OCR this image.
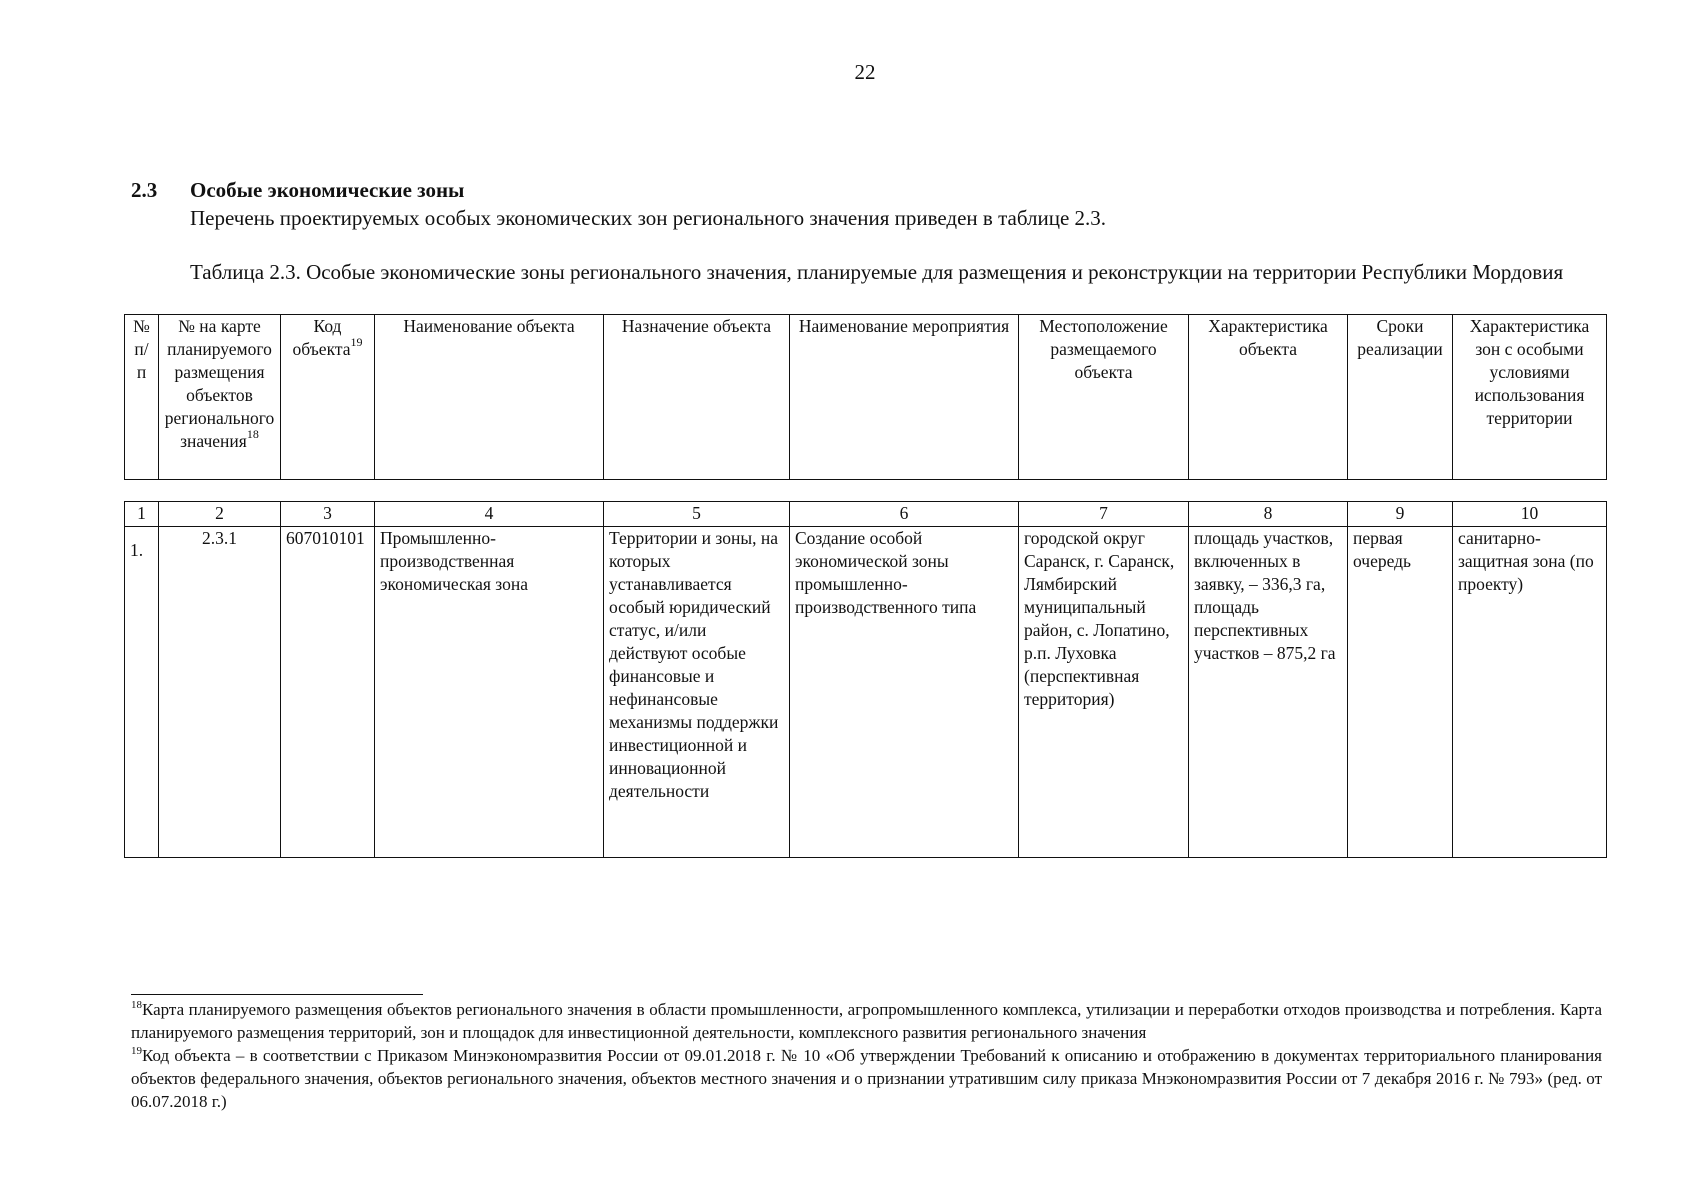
22
2.3 Особые экономические зоны
Перечень проектируемых особых экономических зон регионального значения приведен в таблице 2.3.
Таблица 2.3. Особые экономические зоны регионального значения, планируемые для размещения и реконструкции на территории Республики Мордовия
№ п/п	№ на карте планируемого размещения объектов регионального значения$^{18}$	Код объекта$^{19}$	Наименование объекта	Назначение объекта	Наименование мероприятия	Местоположение размещаемого объекта	Характеристика объекта	Сроки реализации	Характеристика зон с особыми условиями использования территории
1	2	3	4	5	6	7	8	9	10
1.	2.3.1	607010101	Промышленно-производственная экономическая зона	Территории и зоны, на которых устанавливается особый юридический статус, и/или действуют особые финансовые и нефинансовые механизмы поддержки инвестиционной и инновационной деятельности	Создание особой экономической зоны промышленно-производственного типа	городской округ Саранск, г. Саранск, Лямбирский муниципальный район, с. Лопатино, р.п. Луховка (перспективная территория)	площадь участков, включенных в заявку, – 336,3 га, площадь перспективных участков – 875,2 га	первая очередь	санитарно-защитная зона (по проекту)

$^{18}$Карта планируемого размещения объектов регионального значения в области промышленности, агропромышленного комплекса, утилизации и переработки отходов производства и потребления. Карта планируемого размещения территорий, зон и площадок для инвестиционной деятельности, комплексного развития регионального значения

$^{19}$Код объекта – в соответствии с Приказом Минэкономразвития России от 09.01.2018 г. № 10 «Об утверждении Требований к описанию и отображению в документах территориального планирования объектов федерального значения, объектов регионального значения, объектов местного значения и о признании утратившим силу приказа Мнэкономразвития России от 7 декабря 2016 г. № 793» (ред. от 06.07.2018 г.)
